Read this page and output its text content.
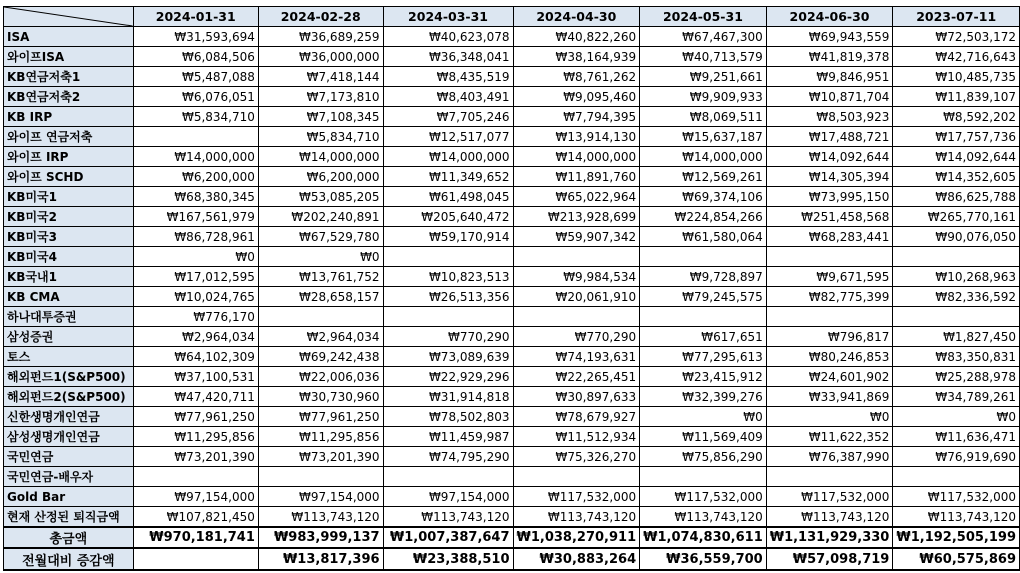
	2024-01-31	2024-02-28	2024-03-31	2024-04-30	2024-05-31	2024-06-30	2023-07-11
ISA	₩31,593,694	₩36,689,259	₩40,623,078	₩40,822,260	₩67,467,300	₩69,943,559	₩72,503,172
와이프ISA	₩6,084,506	₩36,000,000	₩36,348,041	₩38,164,939	₩40,713,579	₩41,819,378	₩42,716,643
KB연금저축1	₩5,487,088	₩7,418,144	₩8,435,519	₩8,761,262	₩9,251,661	₩9,846,951	₩10,485,735
KB연금저축2	₩6,076,051	₩7,173,810	₩8,403,491	₩9,095,460	₩9,909,933	₩10,871,704	₩11,839,107
KB IRP	₩5,834,710	₩7,108,345	₩7,705,246	₩7,794,395	₩8,069,511	₩8,503,923	₩8,592,202
와이프 연금저축		₩5,834,710	₩12,517,077	₩13,914,130	₩15,637,187	₩17,488,721	₩17,757,736
와이프 IRP	₩14,000,000	₩14,000,000	₩14,000,000	₩14,000,000	₩14,000,000	₩14,092,644	₩14,092,644
와이프 SCHD	₩6,200,000	₩6,200,000	₩11,349,652	₩11,891,760	₩12,569,261	₩14,305,394	₩14,352,605
KB미국1	₩68,380,345	₩53,085,205	₩61,498,045	₩65,022,964	₩69,374,106	₩73,995,150	₩86,625,788
KB미국2	₩167,561,979	₩202,240,891	₩205,640,472	₩213,928,699	₩224,854,266	₩251,458,568	₩265,770,161
KB미국3	₩86,728,961	₩67,529,780	₩59,170,914	₩59,907,342	₩61,580,064	₩68,283,441	₩90,076,050
KB미국4	₩0	₩0					
KB국내1	₩17,012,595	₩13,761,752	₩10,823,513	₩9,984,534	₩9,728,897	₩9,671,595	₩10,268,963
KB CMA	₩10,024,765	₩28,658,157	₩26,513,356	₩20,061,910	₩79,245,575	₩82,775,399	₩82,336,592
하나대투증권	₩776,170						
삼성증권	₩2,964,034	₩2,964,034	₩770,290	₩770,290	₩617,651	₩796,817	₩1,827,450
토스	₩64,102,309	₩69,242,438	₩73,089,639	₩74,193,631	₩77,295,613	₩80,246,853	₩83,350,831
해외펀드1(S&P500)	₩37,100,531	₩22,006,036	₩22,929,296	₩22,265,451	₩23,415,912	₩24,601,902	₩25,288,978
해외펀드2(S&P500)	₩47,420,711	₩30,730,960	₩31,914,818	₩30,897,633	₩32,399,276	₩33,941,869	₩34,789,261
신한생명개인연금	₩77,961,250	₩77,961,250	₩78,502,803	₩78,679,927	₩0	₩0	₩0
삼성생명개인연금	₩11,295,856	₩11,295,856	₩11,459,987	₩11,512,934	₩11,569,409	₩11,622,352	₩11,636,471
국민연금	₩73,201,390	₩73,201,390	₩74,795,290	₩75,326,270	₩75,856,290	₩76,387,990	₩76,919,690
국민연금-배우자							
Gold Bar	₩97,154,000	₩97,154,000	₩97,154,000	₩117,532,000	₩117,532,000	₩117,532,000	₩117,532,000
현재 산정된 퇴직금액	₩107,821,450	₩113,743,120	₩113,743,120	₩113,743,120	₩113,743,120	₩113,743,120	₩113,743,120
총금액	₩970,181,741	₩983,999,137	₩1,007,387,647	₩1,038,270,911	₩1,074,830,611	₩1,131,929,330	₩1,192,505,199
전월대비 증감액		₩13,817,396	₩23,388,510	₩30,883,264	₩36,559,700	₩57,098,719	₩60,575,869
